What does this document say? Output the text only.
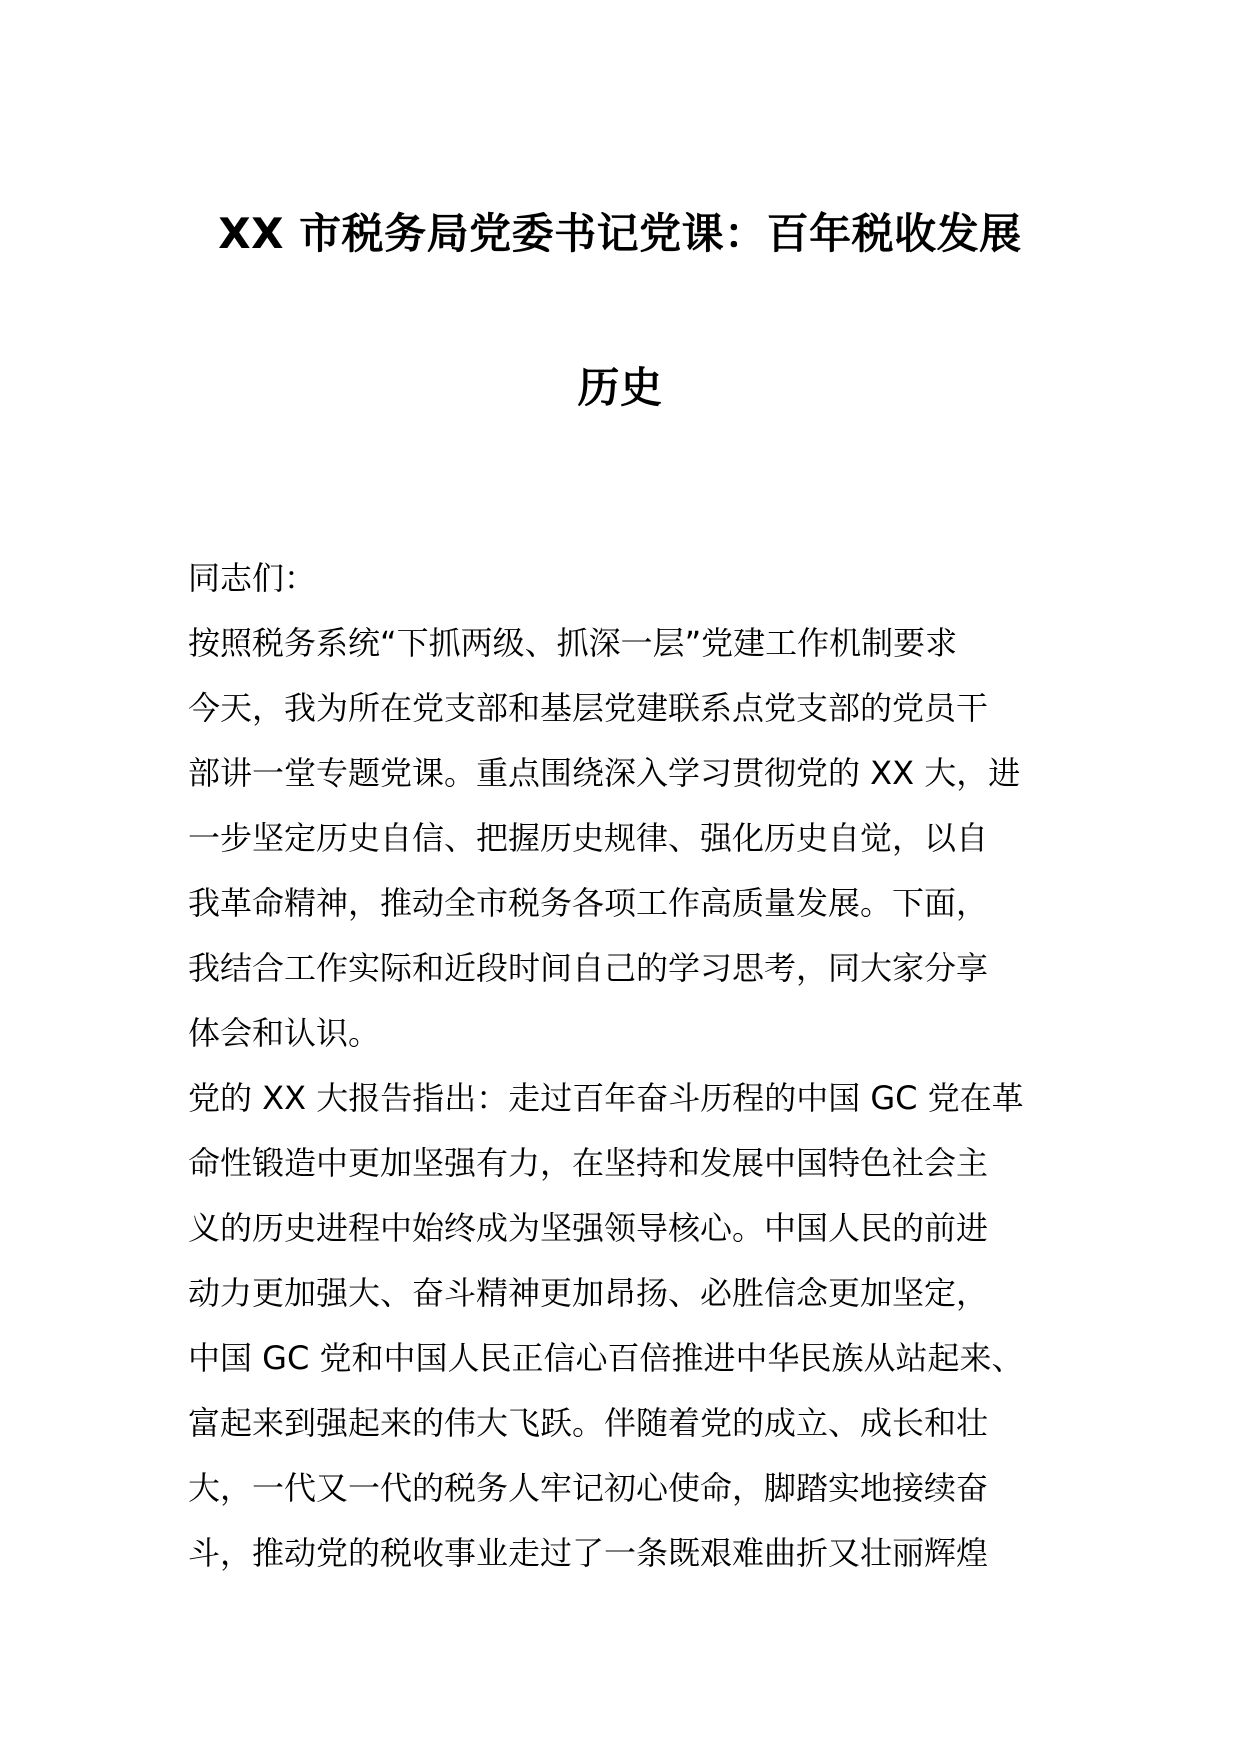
XX 市税务局党委书记党课：百年税收发展
历史

同志们：

按照税务系统“下抓两级、抓深一层”党建工作机制要求

今天，我为所在党支部和基层党建联系点党支部的党员干

部讲一堂专题党课。重点围绕深入学习贯彻党的 XX 大，进

一步坚定历史自信、把握历史规律、强化历史自觉，以自

我革命精神，推动全市税务各项工作高质量发展。下面，

我结合工作实际和近段时间自己的学习思考，同大家分享

体会和认识。

党的 XX 大报告指出：走过百年奋斗历程的中国 GC 党在革

命性锻造中更加坚强有力，在坚持和发展中国特色社会主

义的历史进程中始终成为坚强领导核心。中国人民的前进

动力更加强大、奋斗精神更加昂扬、必胜信念更加坚定，

中国 GC 党和中国人民正信心百倍推进中华民族从站起来、

富起来到强起来的伟大飞跃。伴随着党的成立、成长和壮

大，一代又一代的税务人牢记初心使命，脚踏实地接续奋

斗，推动党的税收事业走过了一条既艰难曲折又壮丽辉煌
